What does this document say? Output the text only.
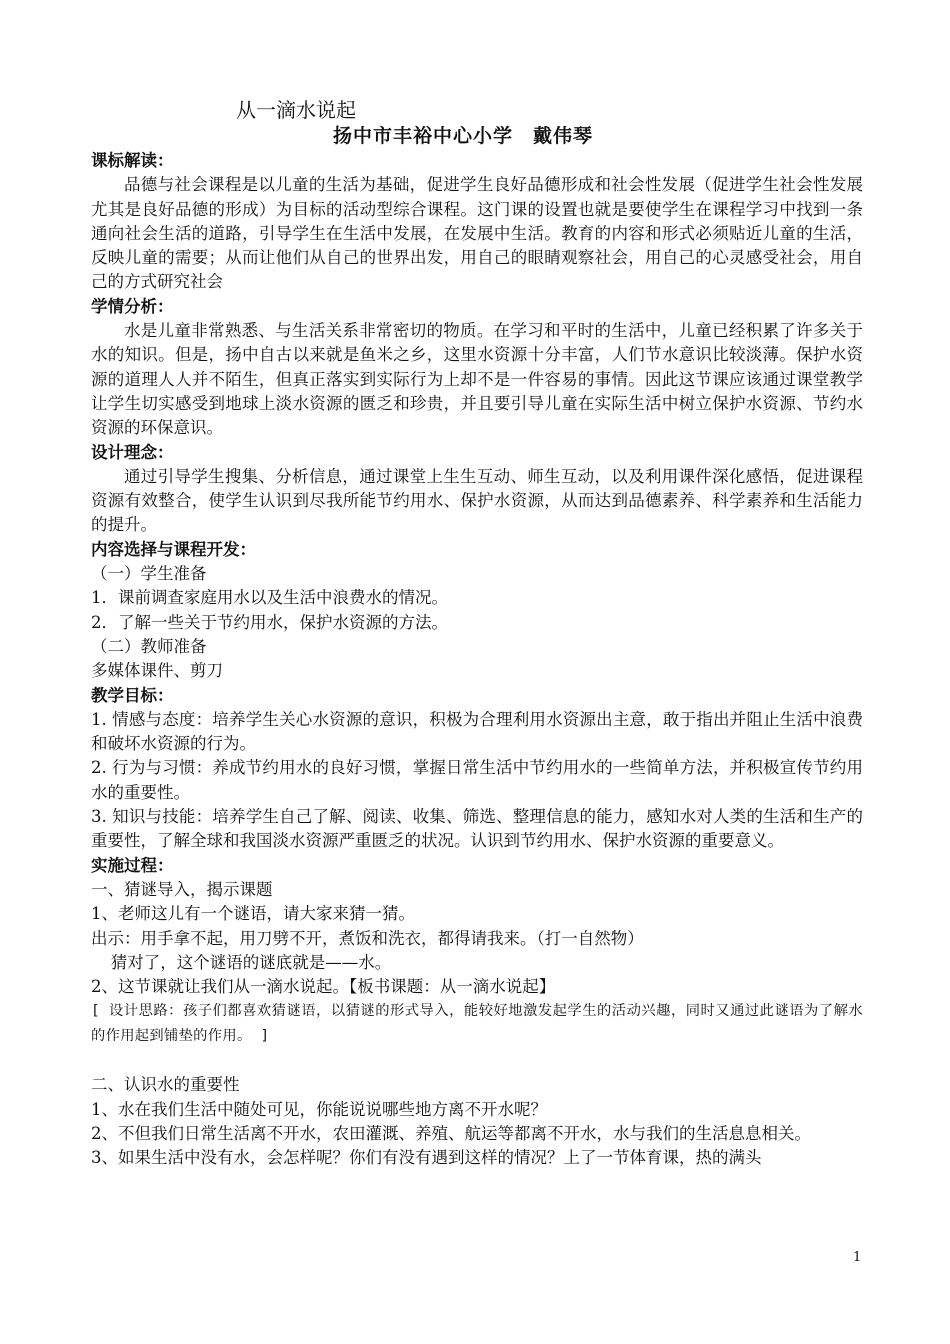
从一滴水说起
扬中市丰裕中心小学　戴伟琴
课标解读：
品德与社会课程是以儿童的生活为基础，促进学生良好品德形成和社会性发展（促进学生社会性发展尤其是良好品德的形成）为目标的活动型综合课程。这门课的设置也就是要使学生在课程学习中找到一条通向社会生活的道路，引导学生在生活中发展，在发展中生活。教育的内容和形式必须贴近儿童的生活，反映儿童的需要；从而让他们从自己的世界出发，用自己的眼睛观察社会，用自己的心灵感受社会，用自己的方式研究社会
学情分析：
水是儿童非常熟悉、与生活关系非常密切的物质。在学习和平时的生活中，儿童已经积累了许多关于水的知识。但是，扬中自古以来就是鱼米之乡，这里水资源十分丰富，人们节水意识比较淡薄。保护水资源的道理人人并不陌生，但真正落实到实际行为上却不是一件容易的事情。因此这节课应该通过课堂教学让学生切实感受到地球上淡水资源的匮乏和珍贵，并且要引导儿童在实际生活中树立保护水资源、节约水资源的环保意识。
设计理念：
通过引导学生搜集、分析信息，通过课堂上生生互动、师生互动，以及利用课件深化感悟，促进课程资源有效整合，使学生认识到尽我所能节约用水、保护水资源，从而达到品德素养、科学素养和生活能力的提升。
内容选择与课程开发：
（一）学生准备
1．课前调查家庭用水以及生活中浪费水的情况。
2．了解一些关于节约用水，保护水资源的方法。
（二）教师准备
多媒体课件、剪刀
教学目标：
1. 情感与态度：培养学生关心水资源的意识，积极为合理利用水资源出主意，敢于指出并阻止生活中浪费和破坏水资源的行为。
2. 行为与习惯：养成节约用水的良好习惯，掌握日常生活中节约用水的一些简单方法，并积极宣传节约用水的重要性。
3. 知识与技能：培养学生自己了解、阅读、收集、筛选、整理信息的能力，感知水对人类的生活和生产的重要性，了解全球和我国淡水资源严重匮乏的状况。认识到节约用水、保护水资源的重要意义。
实施过程：
一、猜谜导入，揭示课题
1、老师这儿有一个谜语，请大家来猜一猜。
出示：用手拿不起，用刀劈不开，煮饭和洗衣，都得请我来。（打一自然物）
猜对了，这个谜语的谜底就是——水。
2、这节课就让我们从一滴水说起。【板书课题：从一滴水说起】
[ 设计思路：孩子们都喜欢猜谜语，以猜谜的形式导入，能较好地激发起学生的活动兴趣，同时又通过此谜语为了解水的作用起到铺垫的作用。 ]
二、认识水的重要性
1、水在我们生活中随处可见，你能说说哪些地方离不开水呢？
2、不但我们日常生活离不开水，农田灌溉、养殖、航运等都离不开水，水与我们的生活息息相关。
3、如果生活中没有水，会怎样呢？你们有没有遇到这样的情况？上了一节体育课，热的满头
1
